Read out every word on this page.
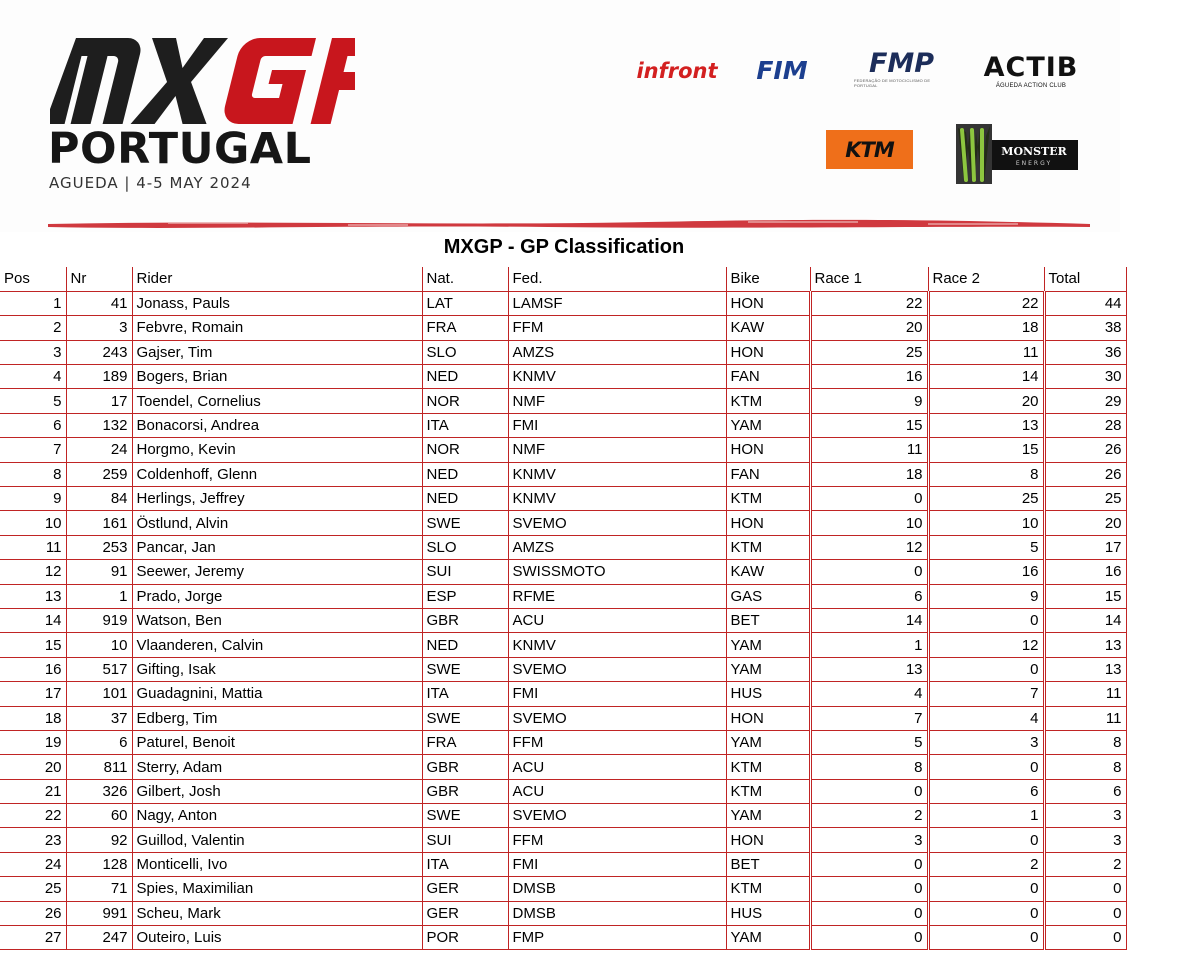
PORTUGAL
AGUEDA | 4-5 MAY 2024
infront FIM FMP
FEDERAÇÃO DE MOTOCICLISMO DE PORTUGAL
ACTIB
ÁGUEDA ACTION CLUB
KTM	MONSTER
ENERGY
MXGP - GP Classification
Pos	Nr	Rider	Nat.	Fed.	Bike	Race 1	Race 2	Total
1	41	Jonass, Pauls	LAT	LAMSF	HON	22	22	44
2	3	Febvre, Romain	FRA	FFM	KAW	20	18	38
3	243	Gajser, Tim	SLO	AMZS	HON	25	11	36
4	189	Bogers, Brian	NED	KNMV	FAN	16	14	30
5	17	Toendel, Cornelius	NOR	NMF	KTM	9	20	29
6	132	Bonacorsi, Andrea	ITA	FMI	YAM	15	13	28
7	24	Horgmo, Kevin	NOR	NMF	HON	11	15	26
8	259	Coldenhoff, Glenn	NED	KNMV	FAN	18	8	26
9	84	Herlings, Jeffrey	NED	KNMV	KTM	0	25	25
10	161	Östlund, Alvin	SWE	SVEMO	HON	10	10	20
11	253	Pancar, Jan	SLO	AMZS	KTM	12	5	17
12	91	Seewer, Jeremy	SUI	SWISSMOTO	KAW	0	16	16
13	1	Prado, Jorge	ESP	RFME	GAS	6	9	15
14	919	Watson, Ben	GBR	ACU	BET	14	0	14
15	10	Vlaanderen, Calvin	NED	KNMV	YAM	1	12	13
16	517	Gifting, Isak	SWE	SVEMO	YAM	13	0	13
17	101	Guadagnini, Mattia	ITA	FMI	HUS	4	7	11
18	37	Edberg, Tim	SWE	SVEMO	HON	7	4	11
19	6	Paturel, Benoit	FRA	FFM	YAM	5	3	8
20	811	Sterry, Adam	GBR	ACU	KTM	8	0	8
21	326	Gilbert, Josh	GBR	ACU	KTM	0	6	6
22	60	Nagy, Anton	SWE	SVEMO	YAM	2	1	3
23	92	Guillod, Valentin	SUI	FFM	HON	3	0	3
24	128	Monticelli, Ivo	ITA	FMI	BET	0	2	2
25	71	Spies, Maximilian	GER	DMSB	KTM	0	0	0
26	991	Scheu, Mark	GER	DMSB	HUS	0	0	0
27	247	Outeiro, Luis	POR	FMP	YAM	0	0	0
